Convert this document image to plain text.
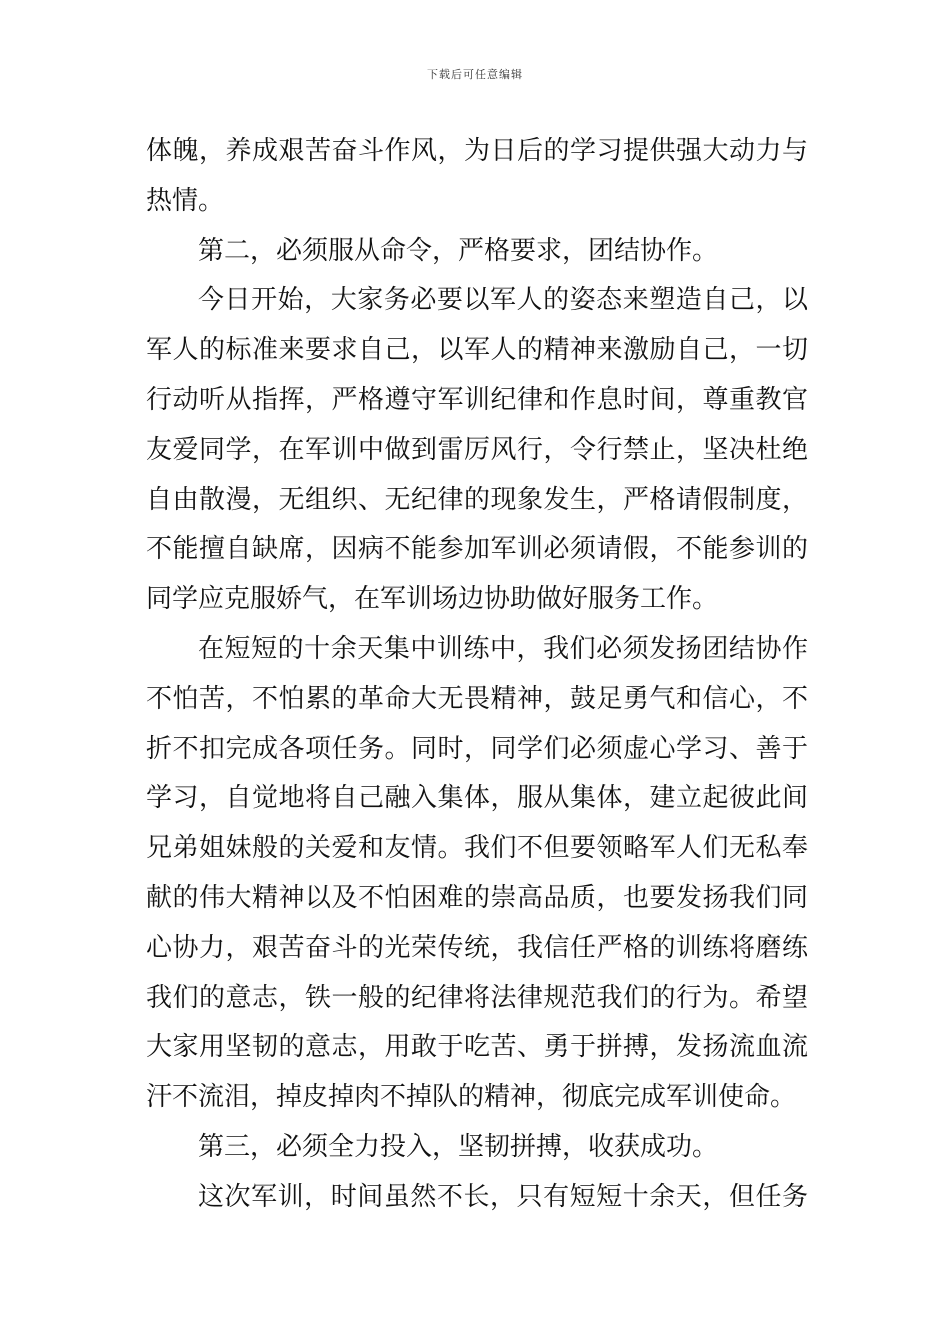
下载后可任意编辑
体魄，养成艰苦奋斗作风，为日后的学习提供强大动力与
热情。
第二，必须服从命令，严格要求，团结协作。
今日开始，大家务必要以军人的姿态来塑造自己，以
军人的标准来要求自己，以军人的精神来激励自己，一切
行动听从指挥，严格遵守军训纪律和作息时间，尊重教官
友爱同学，在军训中做到雷厉风行，令行禁止，坚决杜绝
自由散漫，无组织、无纪律的现象发生，严格请假制度，
不能擅自缺席，因病不能参加军训必须请假，不能参训的
同学应克服娇气，在军训场边协助做好服务工作。
在短短的十余天集中训练中，我们必须发扬团结协作
不怕苦，不怕累的革命大无畏精神，鼓足勇气和信心，不
折不扣完成各项任务。同时，同学们必须虚心学习、善于
学习，自觉地将自己融入集体，服从集体，建立起彼此间
兄弟姐妹般的关爱和友情。我们不但要领略军人们无私奉
献的伟大精神以及不怕困难的崇高品质，也要发扬我们同
心协力，艰苦奋斗的光荣传统，我信任严格的训练将磨练
我们的意志，铁一般的纪律将法律规范我们的行为。希望
大家用坚韧的意志，用敢于吃苦、勇于拼搏，发扬流血流
汗不流泪，掉皮掉肉不掉队的精神，彻底完成军训使命。
第三，必须全力投入，坚韧拼搏，收获成功。
这次军训，时间虽然不长，只有短短十余天，但任务
